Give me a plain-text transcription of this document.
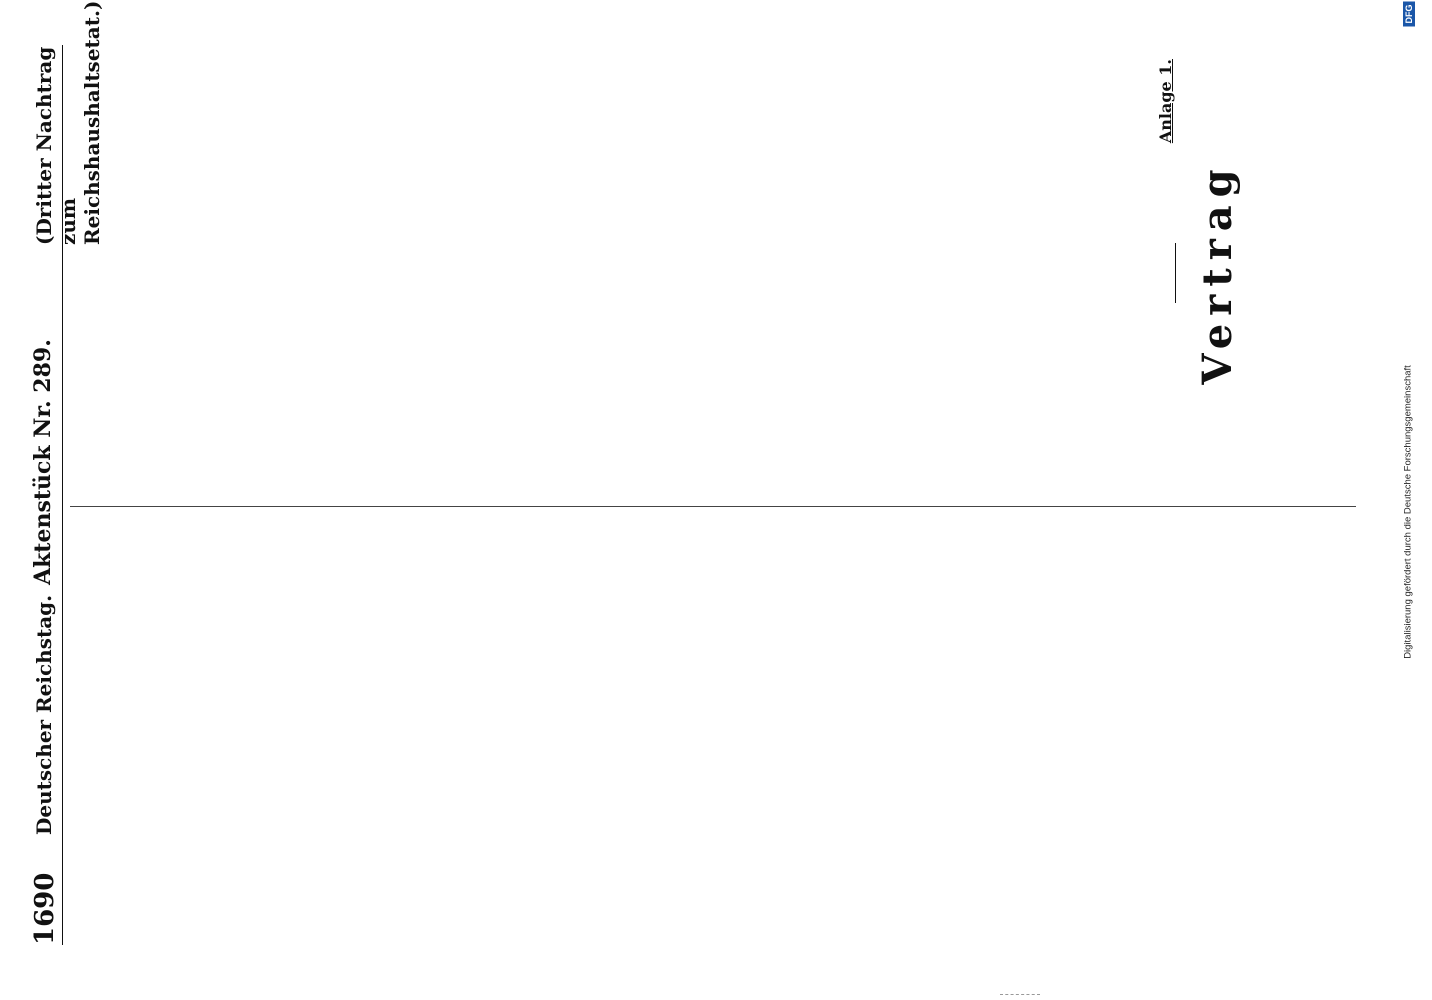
1690
Deutscher Reichstag.
Aktenstück Nr. 289.
(Dritter Nachtrag zum Reichshaushaltsetat.)	Anlage 1.
Vertrag
Digitalisierung gefördert durch die Deutsche Forschungsgemeinschaft
DFG
